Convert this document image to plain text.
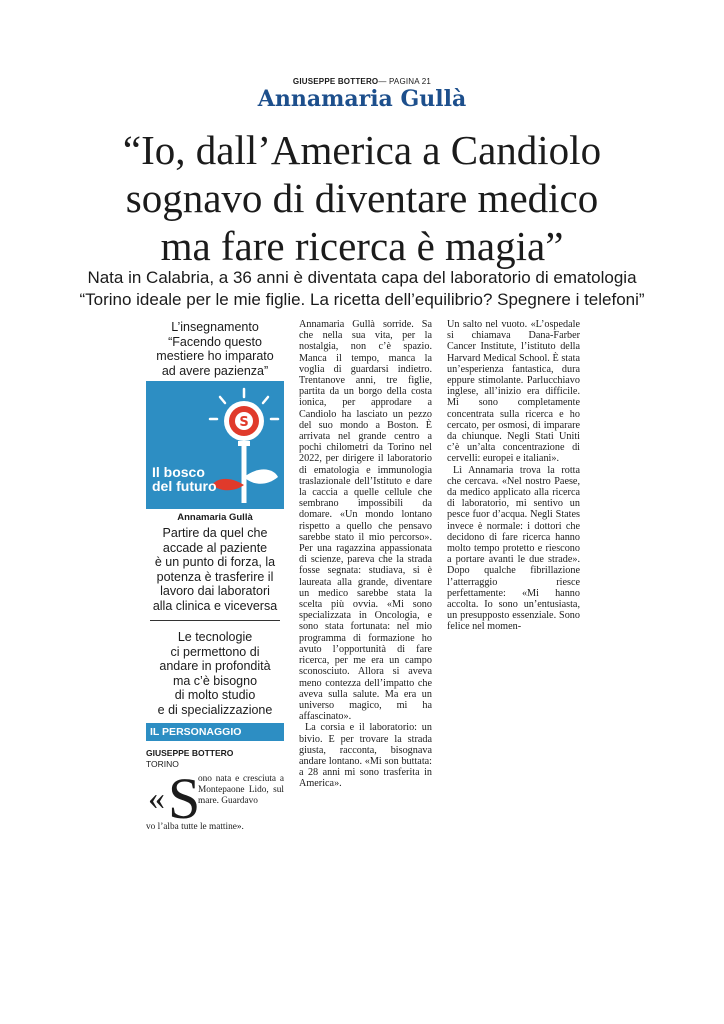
GIUSEPPE BOTTERO— PAGINA 21
Annamaria Gullà
“Io, dall’America a Candiolo
sognavo di diventare medico
ma fare ricerca è magia”
Nata in Calabria, a 36 anni è diventata capa del laboratorio di ematologia
“Torino ideale per le mie figlie. La ricetta dell’equilibrio? Spegnere i telefoni”
L’insegnamento
“Facendo questo
mestiere ho imparato
ad avere pazienza”
S
Il bosco
del futuro
Annamaria Gullà
Partire da quel che
accade al paziente
è un punto di forza, la
potenza è trasferire il
lavoro dai laboratori
alla clinica e viceversa
Le tecnologie
ci permettono di
andare in profondità
ma c’è bisogno
di molto studio
e di specializzazione
IL PERSONAGGIO
GIUSEPPE BOTTERO
TORINO
« S
ono nata e cresciuta a Montepaone Lido, sul mare. Guardavo
vo l’alba tutte le mattine».

Annamaria Gullà sorride. Sa che nella sua vita, per la nostalgia, non c’è spazio. Manca il tempo, manca la voglia di guardarsi indietro. Trentanove anni, tre figlie, partita da un borgo della costa ionica, per approdare a Candiolo ha lasciato un pezzo del suo mondo a Boston. È arrivata nel grande centro a pochi chilometri da Torino nel 2022, per dirigere il laboratorio di ematologia e immunologia traslazionale dell’Istituto e dare la caccia a quelle cellule che sembrano impossibili da domare. «Un mondo lontano rispetto a quello che pensavo sarebbe stato il mio percorso». Per una ragazzina appassionata di scienze, pareva che la strada fosse segnata: studiava, si è laureata alla grande, diventare un medico sarebbe stata la scelta più ovvia. «Mi sono specializzata in Oncologia, e sono stata fortunata: nel mio programma di formazione ho avuto l’opportunità di fare ricerca, per me era un campo sconosciuto. Allora si aveva meno contezza dell’impatto che aveva sulla salute. Ma era un universo magico, mi ha affascinato».

La corsia e il laboratorio: un bivio. E per trovare la strada giusta, racconta, bisognava andare lontano. «Mi son buttata: a 28 anni mi sono trasferita in America».

Un salto nel vuoto. «L’ospedale si chiamava Dana-Farber Cancer Institute, l’istituto della Harvard Medical School. È stata un’esperienza fantastica, dura eppure stimolante. Parlucchiavo inglese, all’inizio era difficile. Mi sono completamente concentrata sulla ricerca e ho cercato, per osmosi, di imparare da chiunque. Negli Stati Uniti c’è un’alta concentrazione di cervelli: europei e italiani».

Lì Annamaria trova la rotta che cercava. «Nel nostro Paese, da medico applicato alla ricerca di laboratorio, mi sentivo un pesce fuor d’acqua. Negli States invece è normale: i dottori che decidono di fare ricerca hanno molto tempo protetto e riescono a portare avanti le due strade». Dopo qualche fibrillazione l’atterraggio riesce perfettamente: «Mi hanno accolta. Io sono un’entusiasta, un presupposto essenziale. Sono felice nel momen-
